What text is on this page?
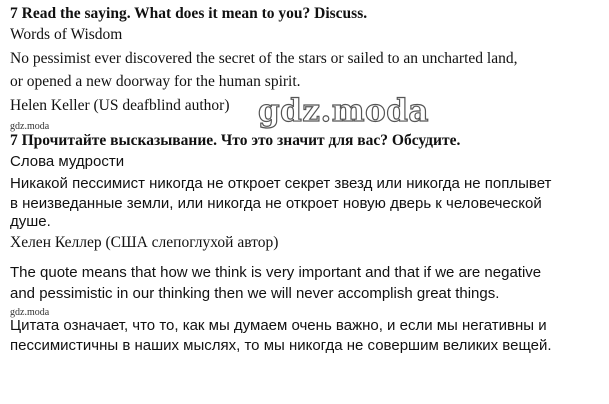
7 Read the saying. What does it mean to you? Discuss.
Words of Wisdom
No pessimist ever discovered the secret of the stars or sailed to an uncharted land,
or opened a new doorway for the human spirit.
Helen Keller (US deafblind author) gdz.moda
gdz.moda
7 Прочитайте высказывание. Что это значит для вас? Обсудите.
Слова мудрости
Никакой пессимист никогда не откроет секрет звезд или никогда не поплывет
в неизведанные земли, или никогда не откроет новую дверь к человеческой
душе.
Хелен Келлер (США слепоглухой автор)
The quote means that how we think is very important and that if we are negative
and pessimistic in our thinking then we will never accomplish great things.
gdz.moda
Цитата означает, что то, как мы думаем очень важно, и если мы негативны и
пессимистичны в наших мыслях, то мы никогда не совершим великих вещей.
